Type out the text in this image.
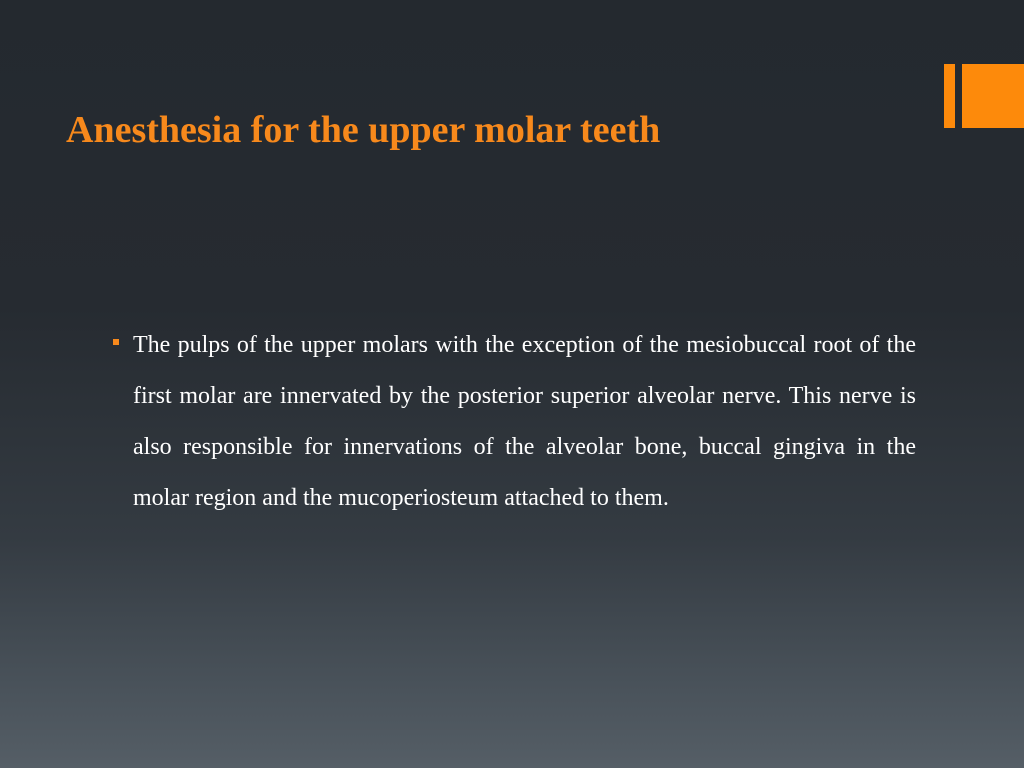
Anesthesia for the upper molar teeth

The pulps of the upper molars with the exception of the mesiobuccal root of the first molar are innervated by the posterior superior alveolar nerve. This nerve is also responsible for innervations of the alveolar bone, buccal gingiva in the molar region and the mucoperiosteum attached to them.
